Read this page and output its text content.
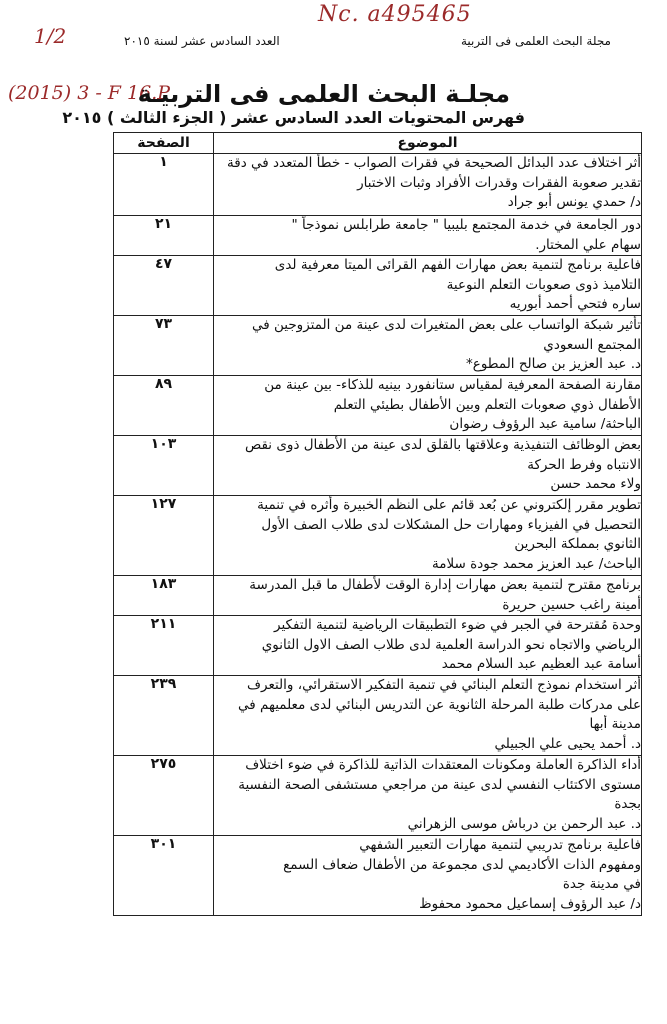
Nc. a495465
1/2
(2015) 3 - F 16.P
مجلة البحث العلمى فى التربية
العدد السادس عشر لسنة ٢٠١٥
مجلـة البحث العلمى فى التربيـة
فهرس المحتويات العدد السادس عشر ( الجزء الثالث ) ٢٠١٥
الموضوع	الصفحة

أثر اختلاف عدد البدائل الصحيحة في فقرات الصواب - خطأ المتعدد في دقة
تقدير صعوبة الفقرات وقدرات الأفراد وثبات الاختبار
د/ حمدي يونس أبو جراد	١

دور الجامعة في خدمة المجتمع بليبيا " جامعة طرابلس نموذجاً "
سهام علي المختار.	٢١

فاعلية برنامج لتنمية بعض مهارات الفهم القرائى الميتا معرفية لدى
التلاميذ ذوى صعوبات التعلم النوعية
ساره فتحي أحمد أبوريه	٤٧

تأثير شبكة الواتساب على بعض المتغيرات لدى عينة من المتزوجين في
المجتمع السعودي
د. عبد العزيز بن صالح المطوع*	٧٣

مقارنة الصفحة المعرفية لمقياس ستانفورد بينيه للذكاء- بين عينة من
الأطفال ذوي صعوبات التعلم وبين الأطفال بطيئي التعلم
الباحثة/ سامية عبد الرؤوف رضوان	٨٩

بعض الوظائف التنفيذية وعلاقتها بالقلق لدى عينة من الأطفال ذوى نقص
الانتباه وفرط الحركة
ولاء محمد حسن	١٠٣

تطوير مقرر إلكتروني عن بُعد قائم على النظم الخبيرة وأثره في تنمية
التحصيل في الفيزياء ومهارات حل المشكلات لدى طلاب الصف الأول
الثانوي بمملكة البحرين
الباحث/ عبد العزيز محمد جودة سلامة	١٢٧

برنامج مقترح لتنمية بعض مهارات إدارة الوقت لأطفال ما قبل المدرسة
أمينة راغب حسين حريرة	١٨٣

وحدة مُقترحة في الجبر في ضوء التطبيقات الرياضية لتنمية التفكير
الرياضي والاتجاه نحو الدراسة العلمية لدى طلاب الصف الاول الثانوي
أسامة عبد العظيم عبد السلام محمد	٢١١

أثر استخدام نموذج التعلم البنائي في تنمية التفكير الاستقرائي، والتعرف
على مدركات طلبة المرحلة الثانوية عن التدريس البنائي لدى معلميهم في
مدينة أبها
د. أحمد يحيى علي الجبيلي	٢٣٩

أداء الذاكرة العاملة ومكونات المعتقدات الذاتية للذاكرة في ضوء اختلاف
مستوى الاكتئاب النفسي لدى عينة من مراجعي مستشفى الصحة النفسية
بجدة
د. عبد الرحمن بن درباش موسى الزهراني	٢٧٥

فاعلية برنامج تدريبي لتنمية مهارات التعبير الشفهي
ومفهوم الذات الأكاديمي لدى مجموعة من الأطفال ضعاف السمع
في مدينة جدة
د/ عبد الرؤوف إسماعيل محمود محفوظ	٣٠١
